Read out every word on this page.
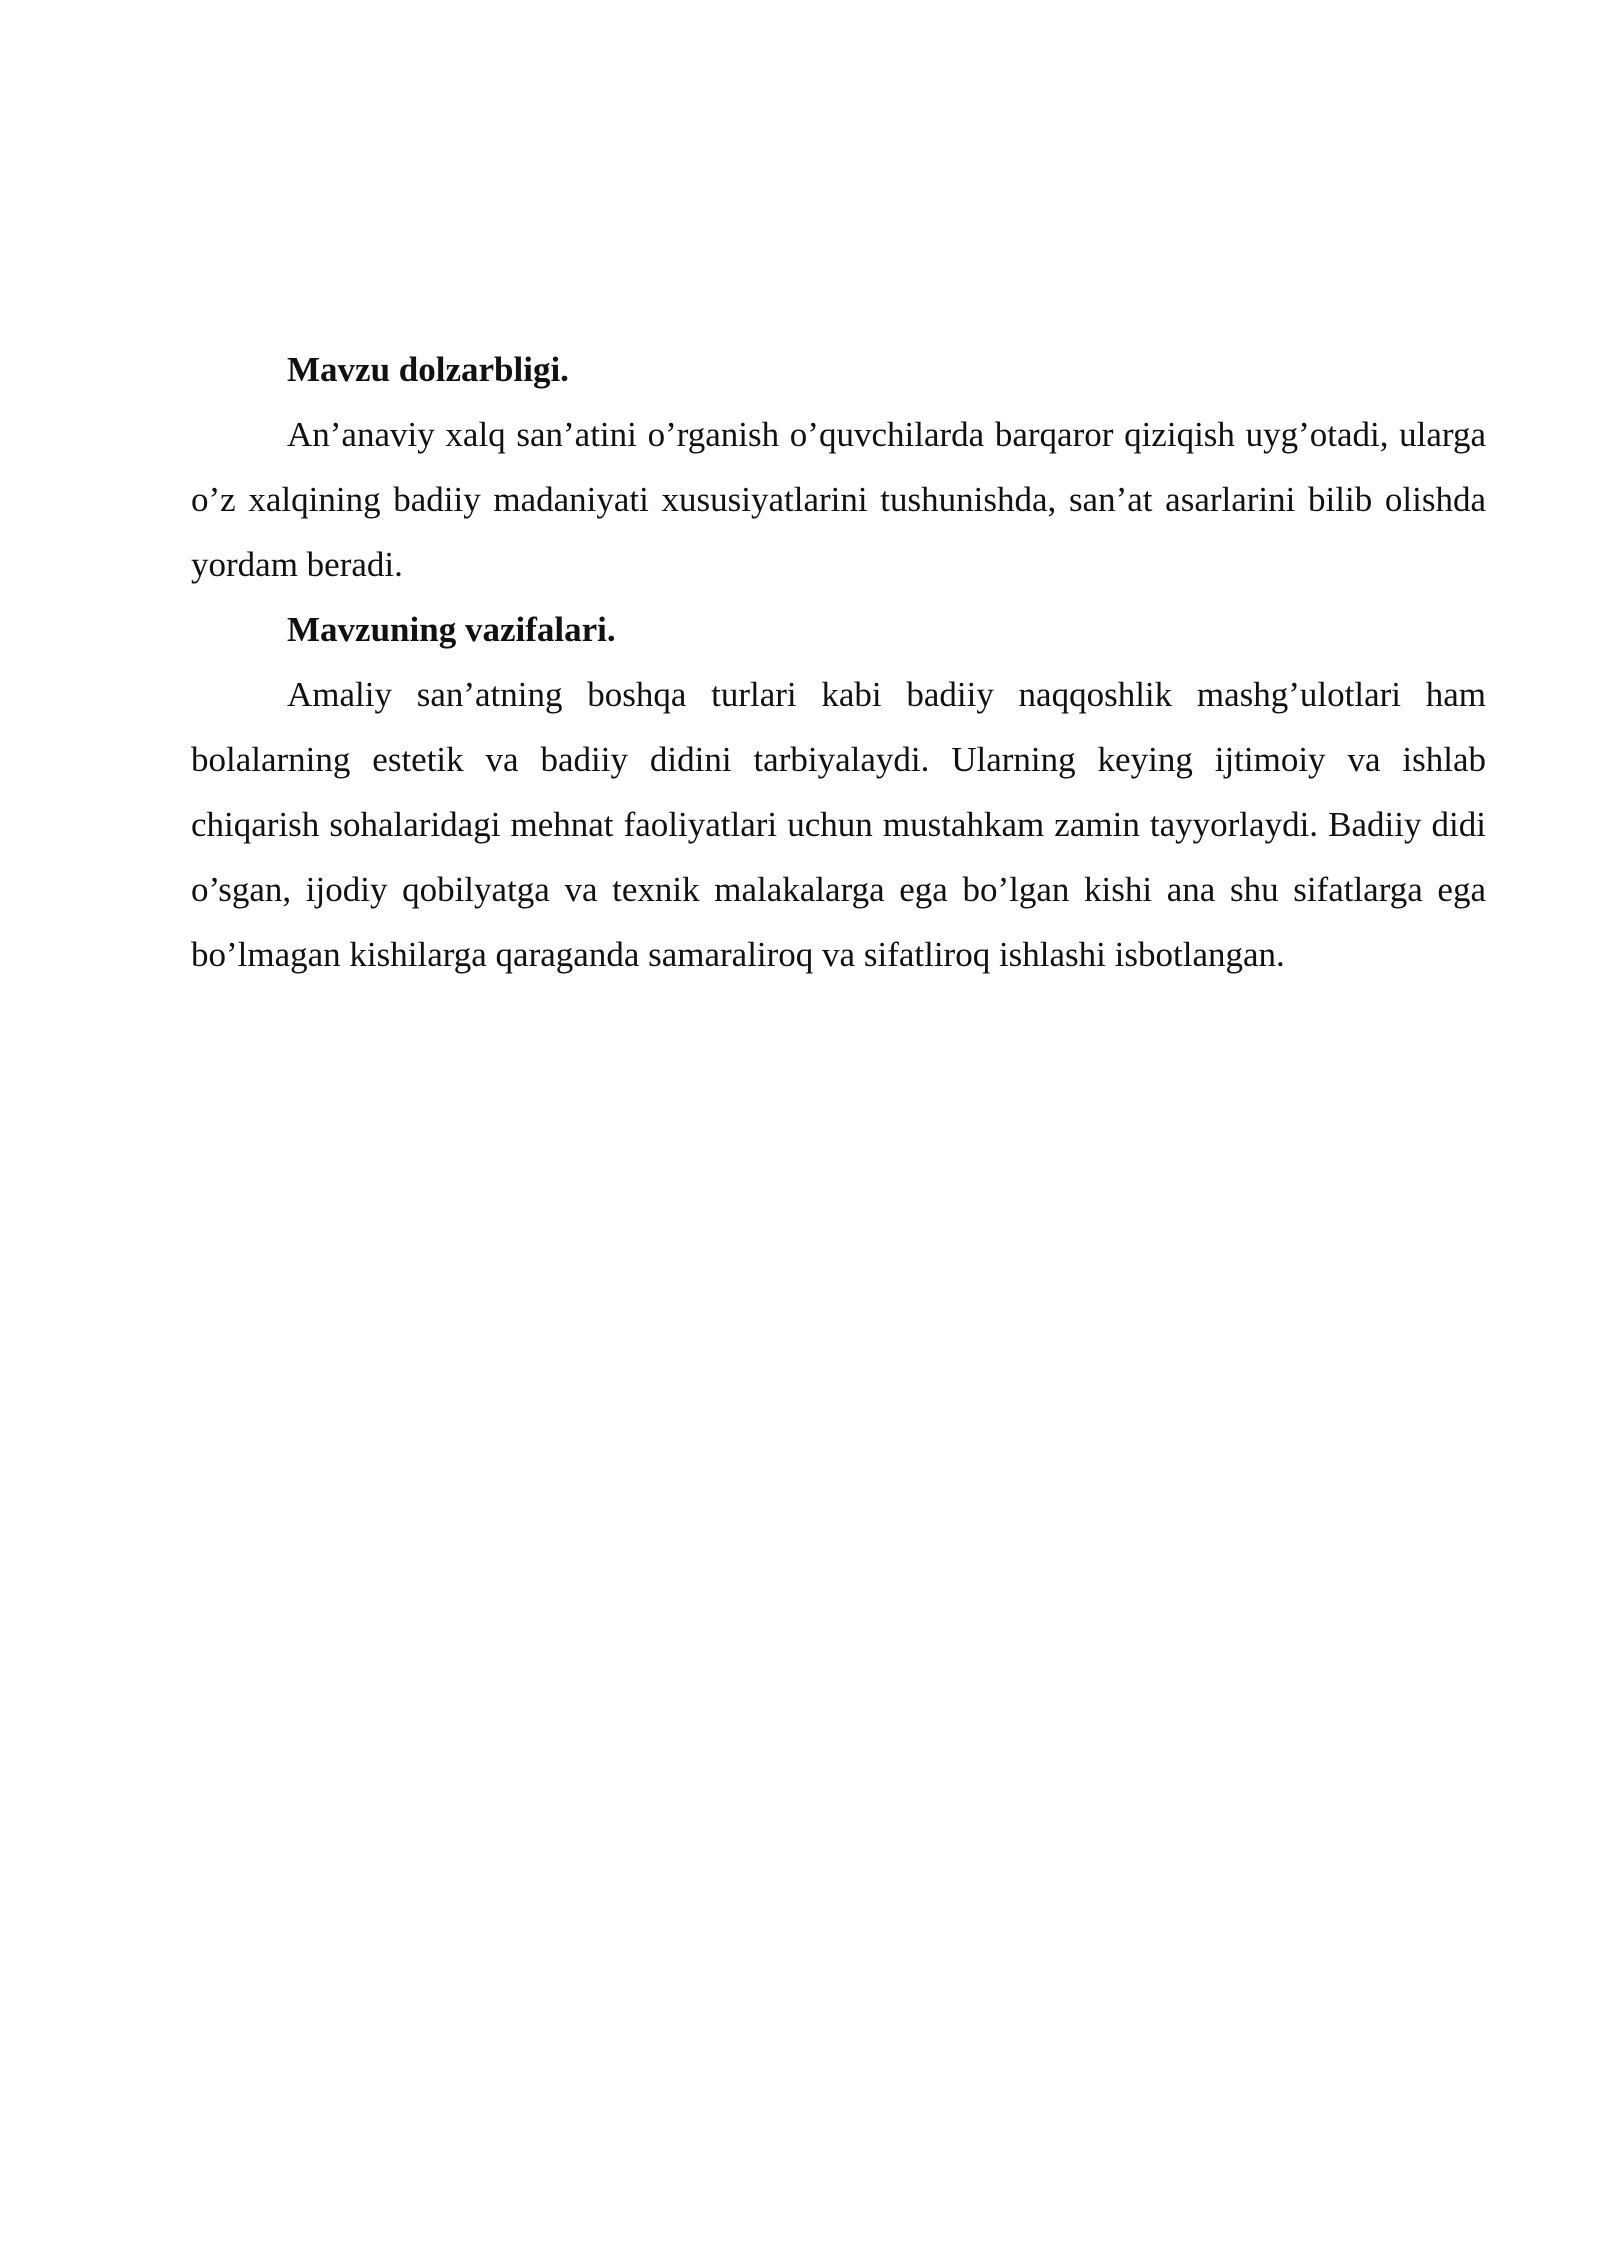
Mavzu dolzarbligi.

An’anaviy xalq san’atini o’rganish o’quvchilarda barqaror qiziqish uyg’otadi, ularga o’z xalqining badiiy madaniyati xususiyatlarini tushunishda, san’at asarlarini bilib olishda yordam beradi.

Mavzuning vazifalari.

Amaliy san’atning boshqa turlari kabi badiiy naqqoshlik mashg’ulotlari ham bolalarning estetik va badiiy didini tarbiyalaydi. Ularning keying ijtimoiy va ishlab chiqarish sohalaridagi mehnat faoliyatlari uchun mustahkam zamin tayyorlaydi. Badiiy didi o’sgan, ijodiy qobilyatga va texnik malakalarga ega bo’lgan kishi ana shu sifatlarga ega bo’lmagan kishilarga qaraganda samaraliroq va sifatliroq ishlashi isbotlangan.
